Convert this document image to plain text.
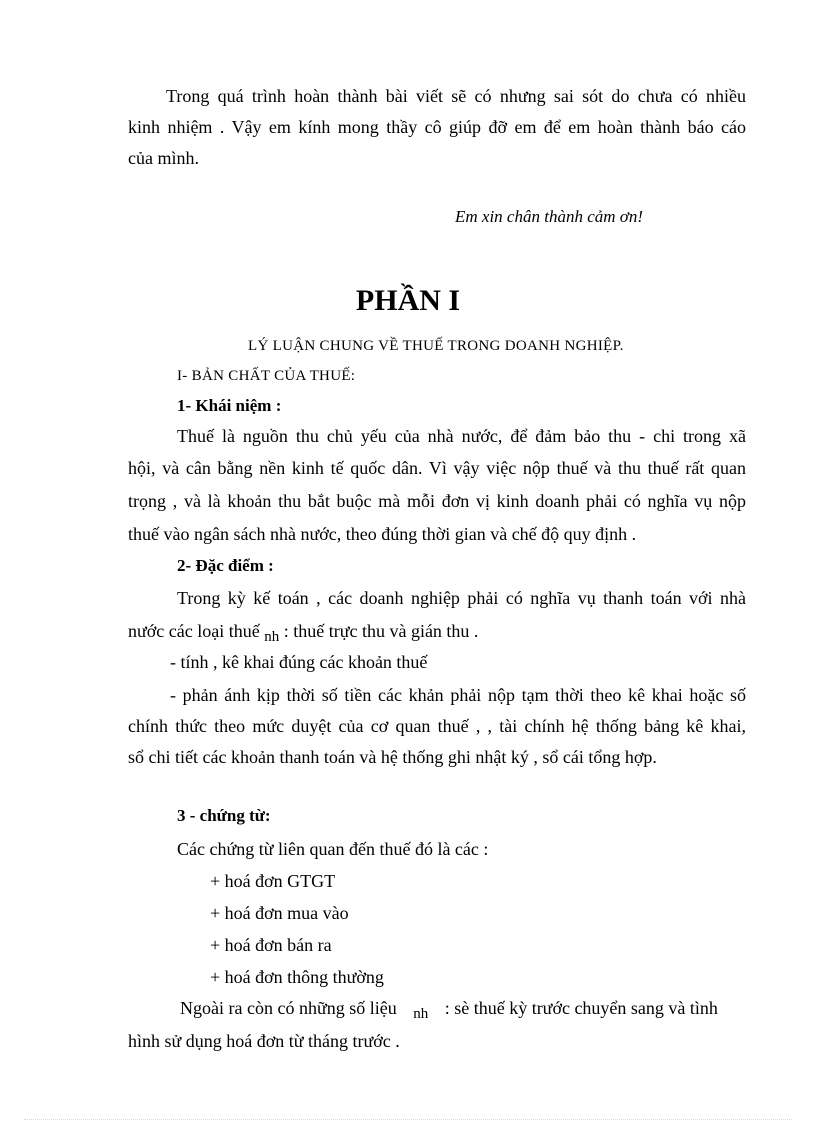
Trong quá trình hoàn thành bài viết sẽ có nhưng sai sót do chưa có nhiều
kinh nhiệm . Vậy em kính mong thầy cô giúp đỡ em để em hoàn thành báo cáo
của mình.
Em xin chân thành cảm ơn!
PHẦN I
LÝ LUẬN CHUNG VỀ THUẾ TRONG DOANH NGHIỆP.
I- BẢN CHẤT CỦA THUẾ:
1- Khái niệm :
Thuế là nguồn thu chủ yếu của nhà nước, để đảm bảo thu - chi trong xã
hội, và cân bằng nền kinh tế quốc dân. Vì vậy việc nộp thuế và thu thuế rất quan
trọng , và là khoản thu bắt buộc mà mỗi đơn vị kinh doanh phải có nghĩa vụ nộp
thuế vào ngân sách nhà nước, theo đúng thời gian và chế độ quy định .
2- Đặc điểm :
Trong kỳ kế toán , các doanh nghiệp phải có nghĩa vụ thanh toán với nhà
nước các loại thuế $_{nh}$ : thuế trực thu và gián thu .
- tính , kê khai đúng các khoản thuế
- phản ánh kịp thời số tiền các khản phải nộp tạm thời theo kê khai hoặc số
chính thức theo mức duyệt của cơ quan thuế , , tài chính hệ thống bảng kê khai,
sổ chi tiết các khoản thanh toán và hệ thống ghi nhật ký , sổ cái tổng hợp.
3 - chứng từ:
Các chứng từ liên quan đến thuế đó là các :
+ hoá đơn GTGT
+ hoá đơn mua vào
+ hoá đơn bán ra
+ hoá đơn thông thường
Ngoài ra còn có những số liệu $_{nh}$ : sè thuế kỳ trước chuyển sang và tình
hình sử dụng hoá đơn từ tháng trước .
